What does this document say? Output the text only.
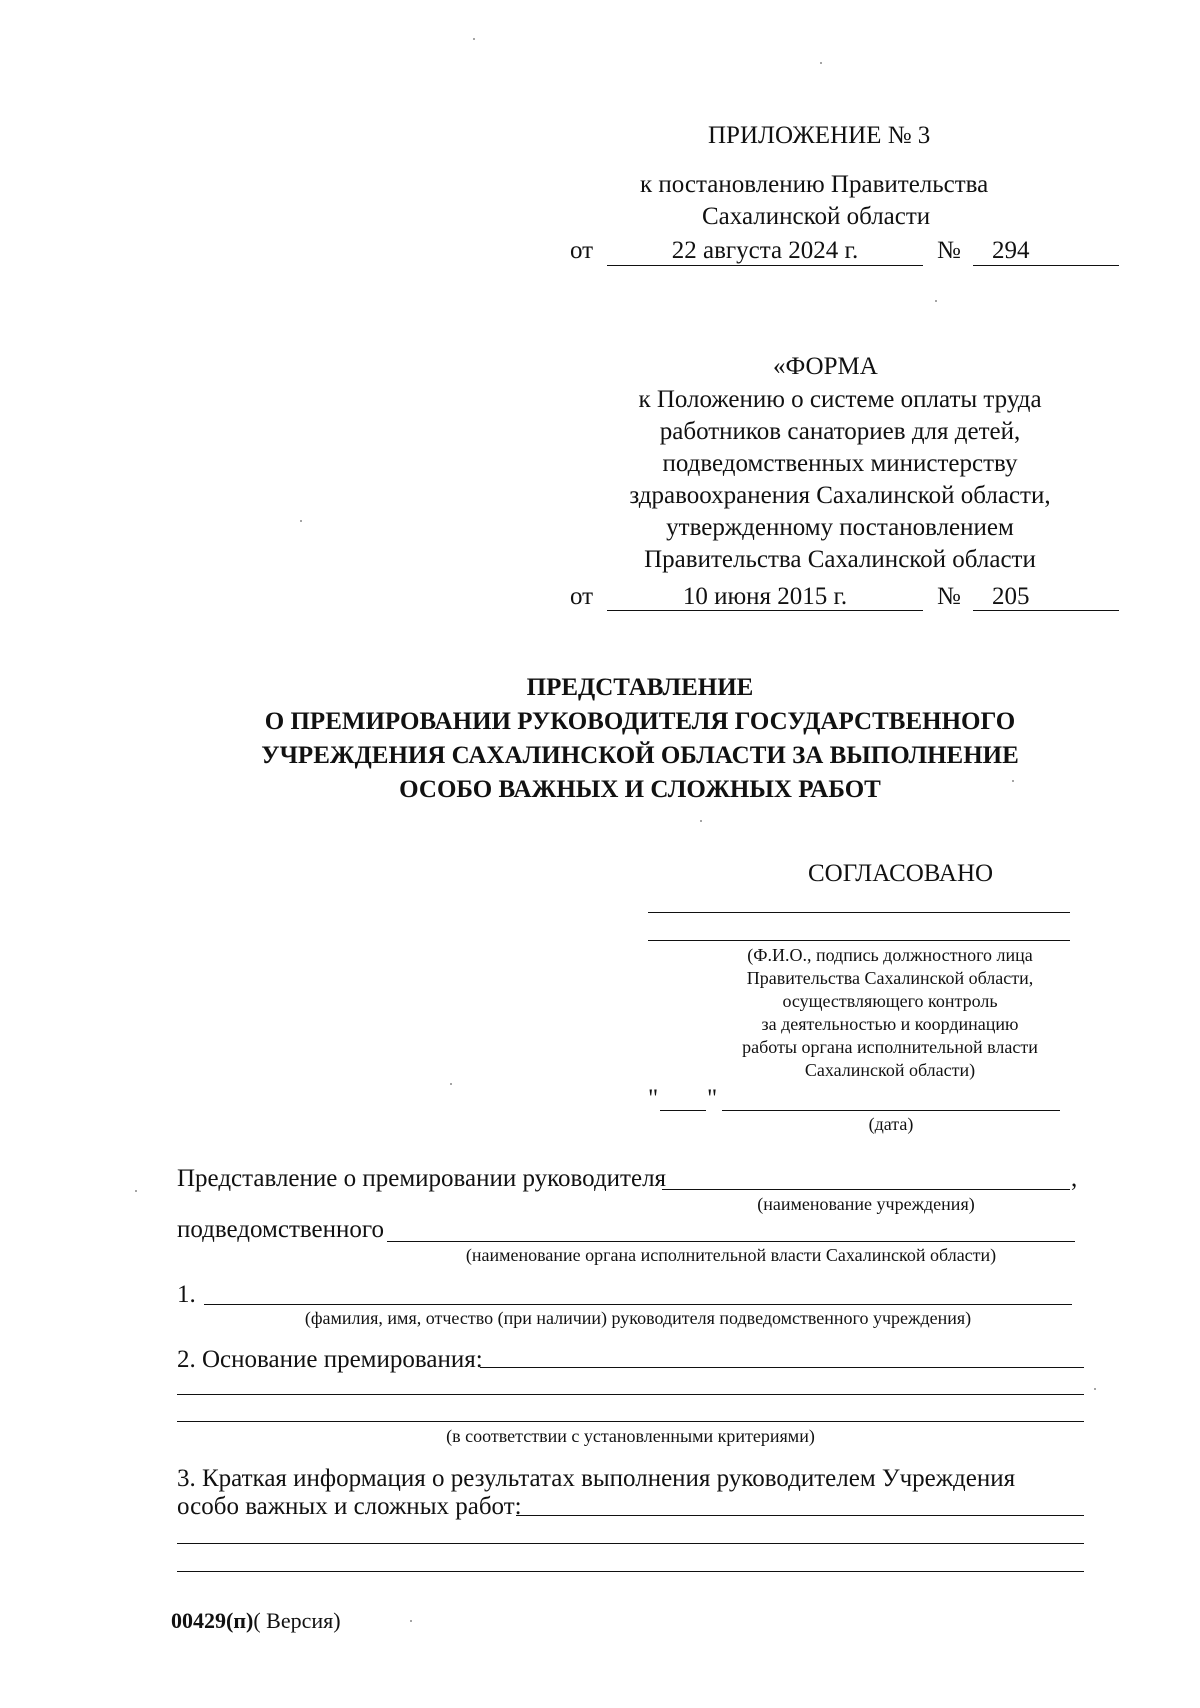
ПРИЛОЖЕНИЕ № 3
к постановлению Правительства
Сахалинской области
от	22 августа 2024 г.	№ 294
«ФОРМА
к Положению о системе оплаты труда
работников санаториев для детей,
подведомственных министерству
здравоохранения Сахалинской области,
утвержденному постановлением
Правительства Сахалинской области
от	10 июня 2015 г.	№ 205
ПРЕДСТАВЛЕНИЕ
О ПРЕМИРОВАНИИ РУКОВОДИТЕЛЯ ГОСУДАРСТВЕННОГО
УЧРЕЖДЕНИЯ САХАЛИНСКОЙ ОБЛАСТИ ЗА ВЫПОЛНЕНИЕ
ОСОБО ВАЖНЫХ И СЛОЖНЫХ РАБОТ
СОГЛАСОВАНО
(Ф.И.О., подпись должностного лица
Правительства Сахалинской области,
осуществляющего контроль
за деятельностью и координацию
работы органа исполнительной власти
Сахалинской области)
" "
(дата)
Представление о премировании руководителя	,
(наименование учреждения)
подведомственного
(наименование органа исполнительной власти Сахалинской области)
1.
(фамилия, имя, отчество (при наличии) руководителя подведомственного учреждения)
2. Основание премирования:
(в соответствии с установленными критериями)
3. Краткая информация о результатах выполнения руководителем Учреждения
особо важных и сложных работ:
00429(п)( Версия)
